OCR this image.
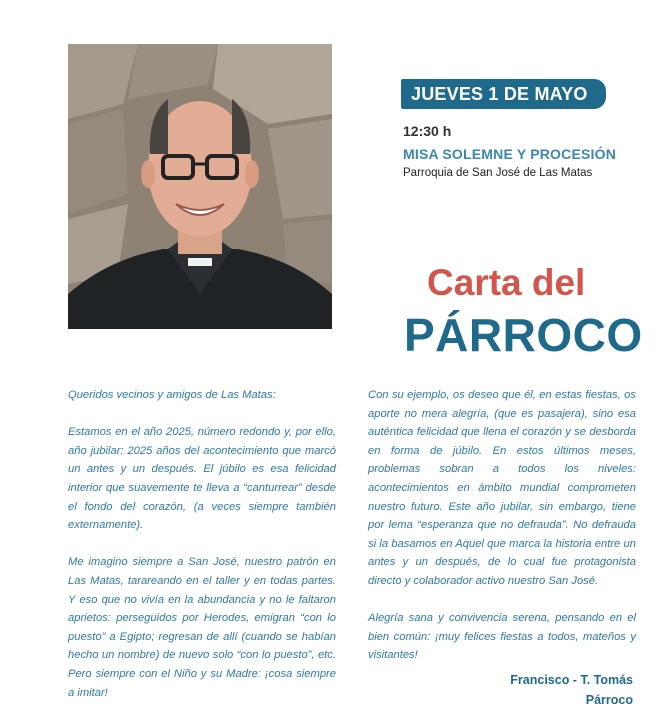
JUEVES 1 DE MAYO
12:30 h
MISA SOLEMNE Y PROCESIÓN
Parroquia de San José de Las Matas
Carta del
PÁRROCO

Queridos vecinos y amigos de Las Matas:

Estamos en el año 2025, número redondo y, por ello, año jubilar: 2025 años del acontecimiento que marcó un antes y un después. El júbilo es esa felicidad interior que suavemente te lleva a “canturrear” desde el fondo del corazón, (a veces siempre también externamente).

Me imagino siempre a San José, nuestro patrón en Las Matas, tarareando en el taller y en todas partes. Y eso que no vivía en la abundancia y no le faltaron aprietos: perseguidos por Herodes, emigran “con lo puesto” a Egipto; regresan de allí (cuando se habían hecho un nombre) de nuevo solo “con lo puesto”, etc. Pero siempre con el Niño y su Madre: ¡cosa siempre a imitar!

Con su ejemplo, os deseo que él, en estas fiestas, os aporte no mera alegría, (que es pasajera), sino esa auténtica felicidad que llena el corazón y se desborda en forma de júbilo. En estos últimos meses, problemas sobran a todos los niveles: acontecimientos en ámbito mundial comprometen nuestro futuro. Este año jubilar, sin embargo, tiene por lema “esperanza que no defrauda”. No defrauda si la basamos en Aquel que marca la historia entre un antes y un después, de lo cual fue protagonista directo y colaborador activo nuestro San José.

Alegría sana y convivencia serena, pensando en el bien común: ¡muy felices fiestas a todos, mateños y visitantes!

Francisco - T. Tomás
Párroco
